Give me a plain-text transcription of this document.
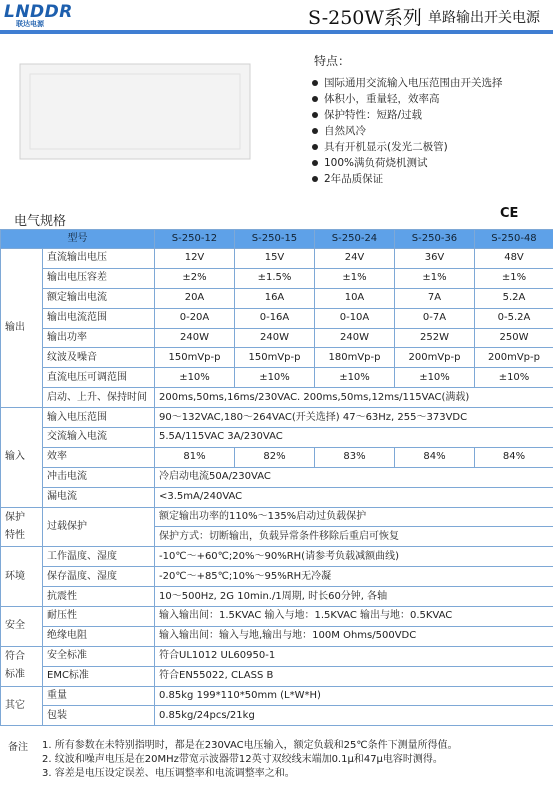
LNDDR
联达电源	S-250W系列 单路输出开关电源
特点：
国际通用交流输入电压范围由开关选择
体积小，重量轻，效率高
保护特性：短路/过载
自然风冷
具有开机显示(发光二极管)
100%满负荷烧机测试
2年品质保证
电气规格
CE
型号		S-250-12	S-250-15	S-250-24	S-250-36	S-250-48
输出	直流输出电压	12V	15V	24V	36V	48V
	输出电压容差	±2%	±1.5%	±1%	±1%	±1%
	额定输出电流	20A	16A	10A	7A	5.2A
	输出电流范围	0-20A	0-16A	0-10A	0-7A	0-5.2A
	输出功率	240W	240W	240W	252W	250W
	纹波及噪音	150mVp-p	150mVp-p	180mVp-p	200mVp-p	200mVp-p
	直流电压可调范围	±10%	±10%	±10%	±10%	±10%
	启动、上升、保持时间	200ms,50ms,16ms/230VAC. 200ms,50ms,12ms/115VAC(满载)				
输入	输入电压范围	90～132VAC,180～264VAC(开关选择) 47～63Hz, 255～373VDC				
	交流输入电流	5.5A/115VAC 3A/230VAC				
	效率	81%	82%	83%	84%	84%
	冲击电流	冷启动电流50A/230VAC				
	漏电流	<3.5mA/240VAC				
保护
特性	过载保护	额定输出功率的110%～135%启动过负载保护				
		保护方式：切断输出，负载异常条件移除后重启可恢复				
环境	工作温度、湿度	-10℃～+60℃;20%～90%RH(请参考负载减额曲线)				
	保存温度、湿度	-20℃～+85℃;10%～95%RH无冷凝				
	抗震性	10～500Hz, 2G 10min./1周期, 时长60分钟, 各轴				
安全	耐压性	输入输出间：1.5KVAC 输入与地：1.5KVAC 输出与地：0.5KVAC				
	绝缘电阻	输入输出间：输入与地,输出与地：100M Ohms/500VDC				
符合
标准	安全标准	符合UL1012 UL60950-1				
	EMC标准	符合EN55022, CLASS B				
其它	重量	0.85kg 199*110*50mm (L*W*H)				
	包装	0.85kg/24pcs/21kg				
备注 1. 所有参数在未特别指明时，都是在230VAC电压输入，额定负载和25℃条件下测量所得值。
2. 纹波和噪声电压是在20MHz带宽示波器带12英寸双绞线末端加0.1μ和47μ电容时测得。
3. 容差是电压设定误差、电压调整率和电流调整率之和。
